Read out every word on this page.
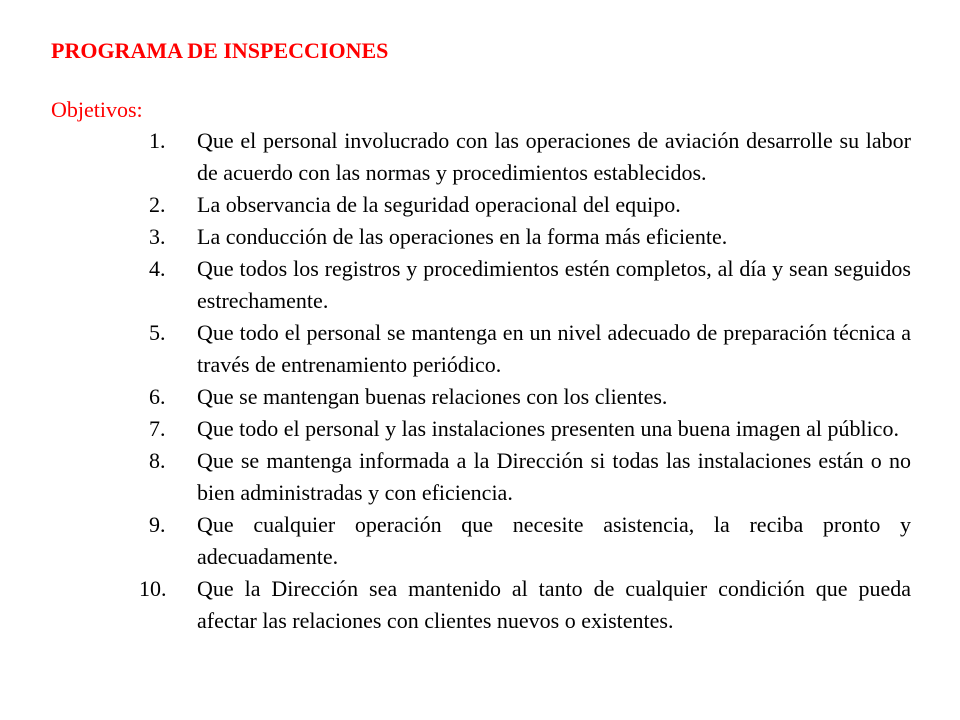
PROGRAMA DE INSPECCIONES
Objetivos:
1. Que el personal involucrado con las operaciones de aviación desarrolle su labor de acuerdo con las normas y procedimientos establecidos.
2. La observancia de la seguridad operacional del equipo.
3. La conducción de las operaciones en la forma más eficiente.
4. Que todos los registros y procedimientos estén completos, al día y sean seguidos estrechamente.
5. Que todo el personal se mantenga en un nivel adecuado de preparación técnica a través de entrenamiento periódico.
6. Que se mantengan buenas relaciones con los clientes.
7. Que todo el personal y las instalaciones presenten una buena imagen al público.
8. Que se mantenga informada a la Dirección si todas las instalaciones están o no bien administradas y con eficiencia.
9. Que cualquier operación que necesite asistencia, la reciba pronto y adecuadamente.
10. Que la Dirección sea mantenido al tanto de cualquier condición que pueda afectar las relaciones con clientes nuevos o existentes.
